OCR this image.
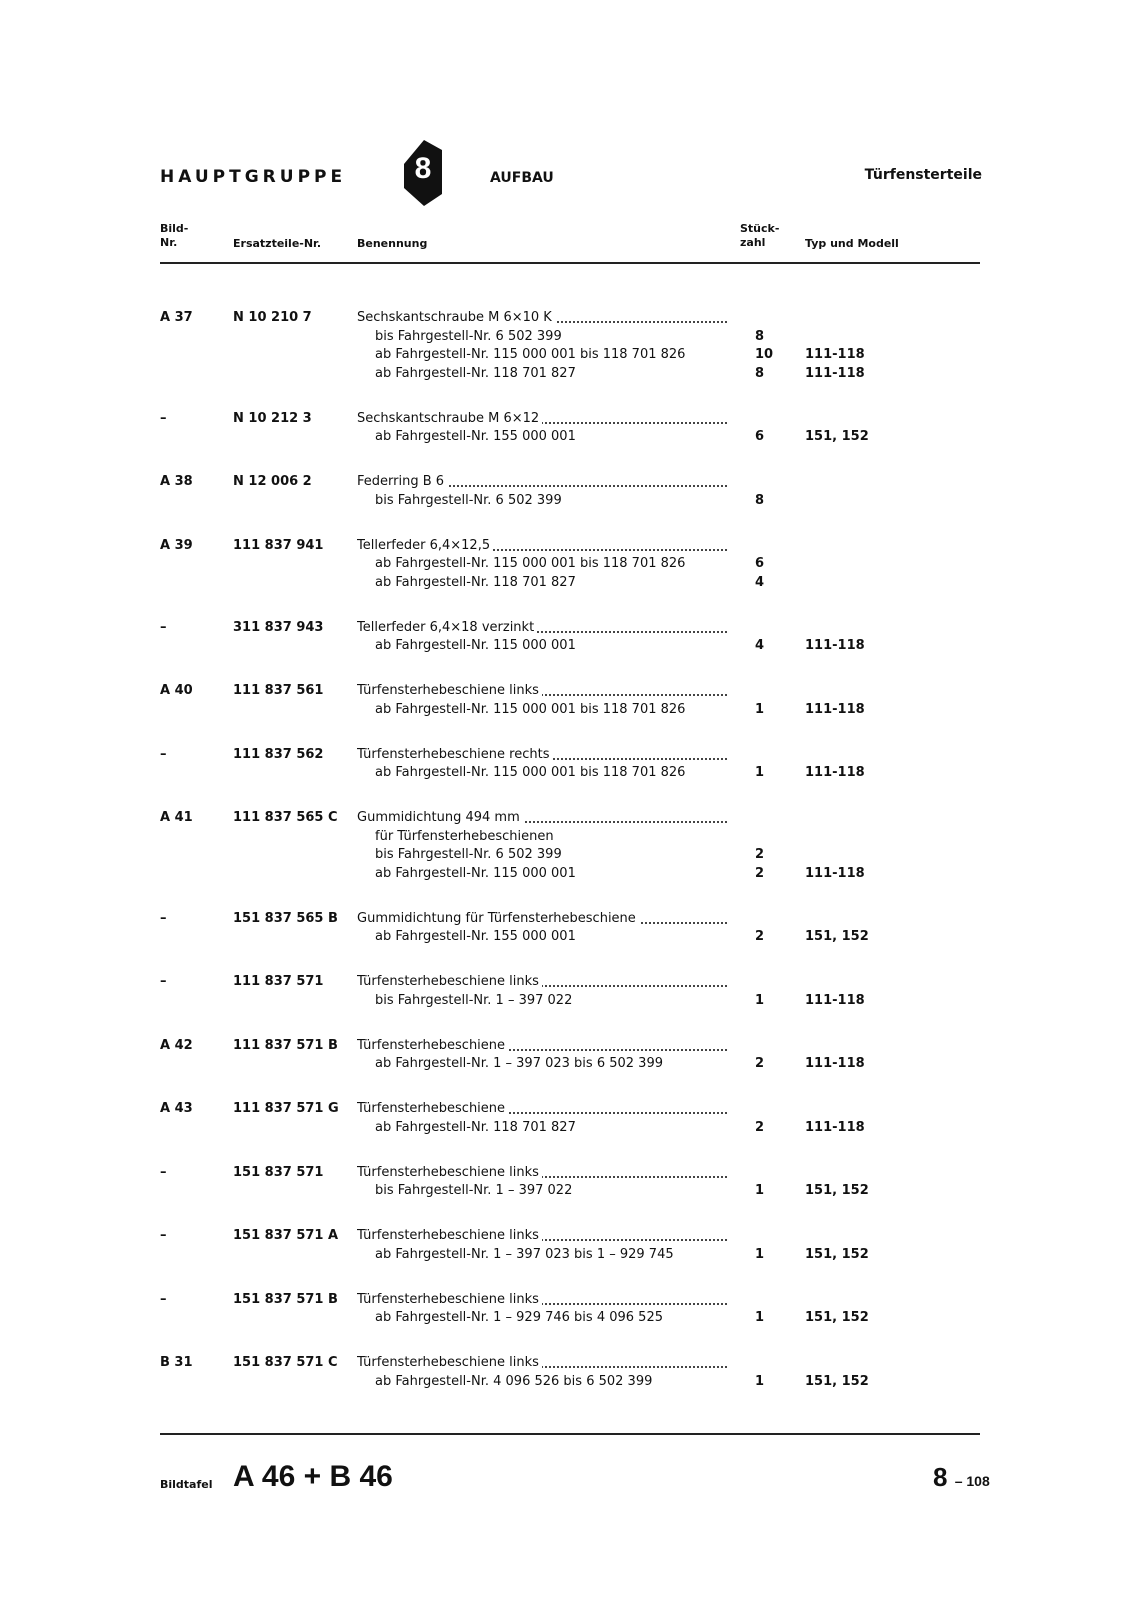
HAUPTGRUPPE	8	AUFBAU	Türfensterteile
Bild-
Nr.	Ersatzteile-Nr.	Benennung
Stück-
zahl	Typ und Modell
A 37	N 10 210 7	Sechskantschraube M 6×10 K
bis Fahrgestell-Nr. 6 502 399	8
ab Fahrgestell-Nr. 115 000 001 bis 118 701 826	10 111-118
ab Fahrgestell-Nr. 118 701 827	8	111-118
–	N 10 212 3	Sechskantschraube M 6×12
ab Fahrgestell-Nr. 155 000 001	6	151, 152
A 38	N 12 006 2	Federring B 6
bis Fahrgestell-Nr. 6 502 399	8
A 39	111 837 941	Tellerfeder 6,4×12,5
ab Fahrgestell-Nr. 115 000 001 bis 118 701 826	6
ab Fahrgestell-Nr. 118 701 827	4
–	311 837 943	Tellerfeder 6,4×18 verzinkt
ab Fahrgestell-Nr. 115 000 001	4	111-118
A 40	111 837 561	Türfensterhebeschiene links
ab Fahrgestell-Nr. 115 000 001 bis 118 701 826	1	111-118
–	111 837 562	Türfensterhebeschiene rechts
ab Fahrgestell-Nr. 115 000 001 bis 118 701 826	1	111-118
A 41	111 837 565 C Gummidichtung 494 mm
für Türfensterhebeschienen
bis Fahrgestell-Nr. 6 502 399	2
ab Fahrgestell-Nr. 115 000 001	2	111-118
–	151 837 565 B Gummidichtung für Türfensterhebeschiene
ab Fahrgestell-Nr. 155 000 001	2	151, 152
–	111 837 571	Türfensterhebeschiene links
bis Fahrgestell-Nr. 1 – 397 022	1	111-118
A 42	111 837 571 B Türfensterhebeschiene
ab Fahrgestell-Nr. 1 – 397 023 bis 6 502 399	2	111-118
A 43	111 837 571 G Türfensterhebeschiene
ab Fahrgestell-Nr. 118 701 827	2	111-118
–	151 837 571	Türfensterhebeschiene links
bis Fahrgestell-Nr. 1 – 397 022	1	151, 152
–	151 837 571 A Türfensterhebeschiene links
ab Fahrgestell-Nr. 1 – 397 023 bis 1 – 929 745	1	151, 152
–	151 837 571 B Türfensterhebeschiene links
ab Fahrgestell-Nr. 1 – 929 746 bis 4 096 525	1	151, 152
B 31	151 837 571 C Türfensterhebeschiene links
ab Fahrgestell-Nr. 4 096 526 bis 6 502 399	1	151, 152
Bildtafel A 46 + B 46	8 – 108
